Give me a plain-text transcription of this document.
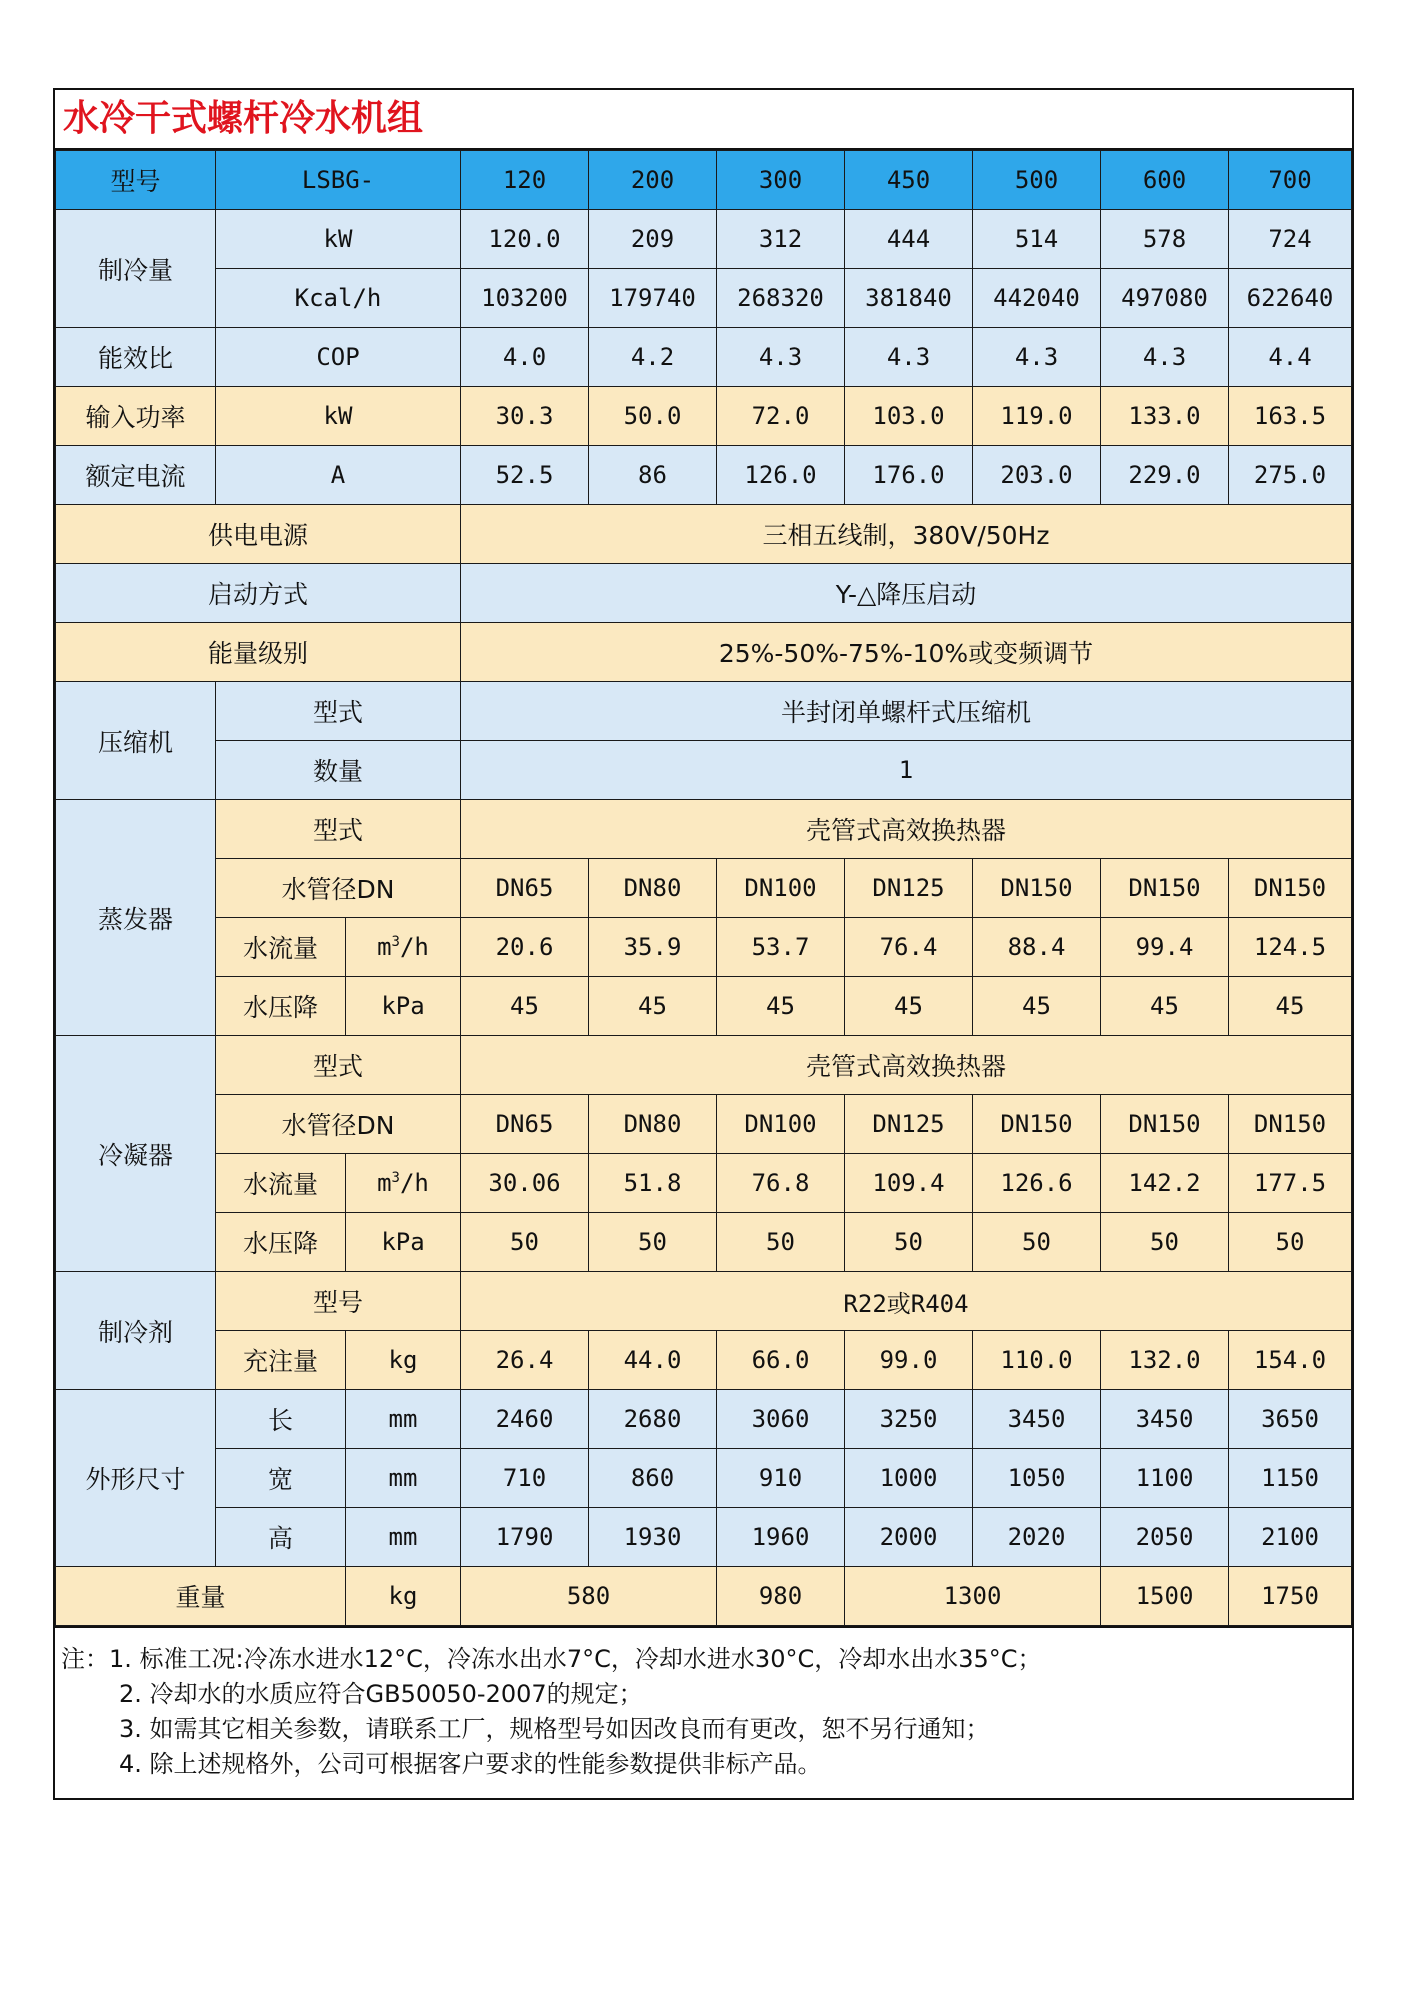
水冷干式螺杆冷水机组
型号	LSBG-		120	200	300	450	500	600	700
制冷量	kW		120.0	209	312	444	514	578	724
	Kcal/h		103200	179740	268320	381840	442040	497080	622640
能效比	COP		4.0	4.2	4.3	4.3	4.3	4.3	4.4
输入功率	kW		30.3	50.0	72.0	103.0	119.0	133.0	163.5
额定电流	A		52.5	86	126.0	176.0	203.0	229.0	275.0
供电电源			三相五线制，380V/50Hz						
启动方式			Y-△降压启动						
能量级别			25%-50%-75%-10%或变频调节						
压缩机	型式		半封闭单螺杆式压缩机						
	数量		1						
蒸发器	型式		壳管式高效换热器						
	水管径DN		DN65	DN80	DN100	DN125	DN150	DN150	DN150
	水流量	$m^3/h$	20.6	35.9	53.7	76.4	88.4	99.4	124.5
	水压降	kPa	45	45	45	45	45	45	45
冷凝器	型式		壳管式高效换热器						
	水管径DN		DN65	DN80	DN100	DN125	DN150	DN150	DN150
	水流量	$m^3/h$	30.06	51.8	76.8	109.4	126.6	142.2	177.5
	水压降	kPa	50	50	50	50	50	50	50
制冷剂	型号		R22或R404						
	充注量	kg	26.4	44.0	66.0	99.0	110.0	132.0	154.0
外形尺寸	长	mm	2460	2680	3060	3250	3450	3450	3650
	宽	mm	710	860	910	1000	1050	1100	1150
	高	mm	1790	1930	1960	2000	2020	2050	2100
重量		kg	580		980	1300		1500	1750
注：1. 标准工况:冷冻水进水12°C，冷冻水出水7°C，冷却水进水30°C，冷却水出水35°C；
2. 冷却水的水质应符合GB50050-2007的规定；
3. 如需其它相关参数，请联系工厂，规格型号如因改良而有更改，恕不另行通知；
4. 除上述规格外，公司可根据客户要求的性能参数提供非标产品。
